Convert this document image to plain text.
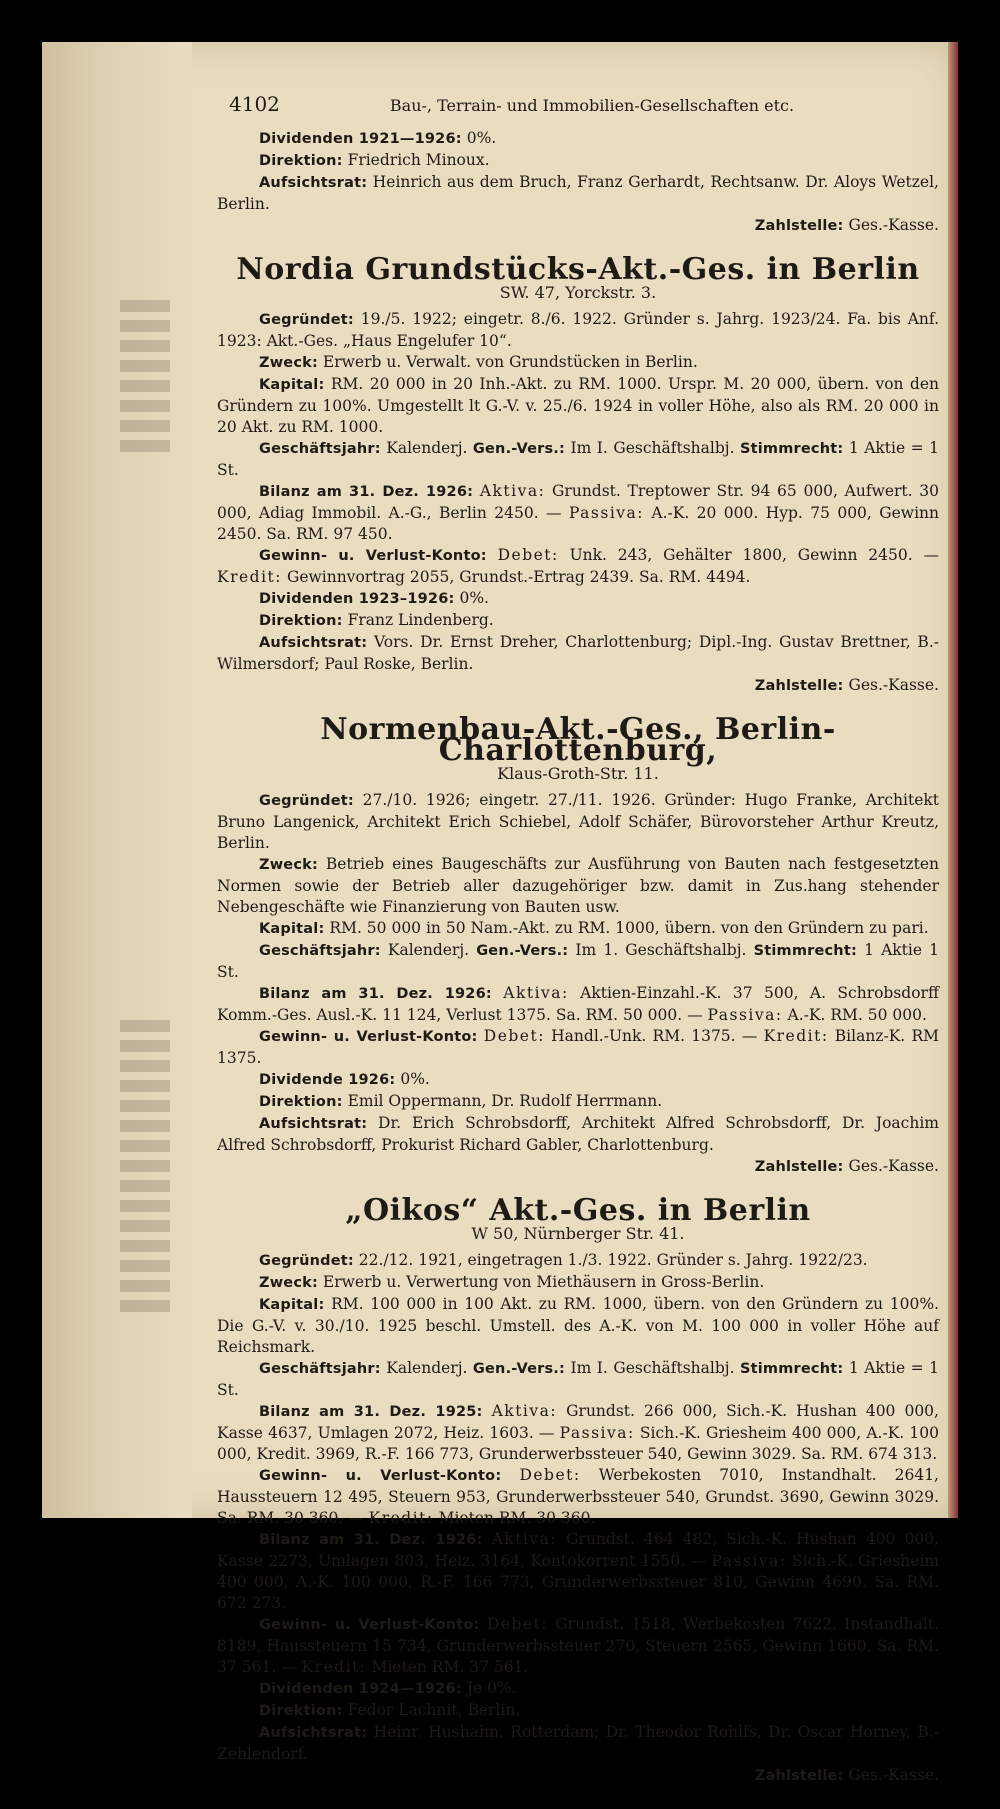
4102	Bau-, Terrain- und Immobilien-Gesellschaften etc.

Dividenden 1921—1926: 0%.

Direktion: Friedrich Minoux.

Aufsichtsrat: Heinrich aus dem Bruch, Franz Gerhardt, Rechtsanw. Dr. Aloys Wetzel, Berlin.
Zahlstelle: Ges.-Kasse.

Nordia Grundstücks-Akt.-Ges. in Berlin
SW. 47, Yorckstr. 3.

Gegründet: 19./5. 1922; eingetr. 8./6. 1922. Gründer s. Jahrg. 1923/24. Fa. bis Anf. 1923: Akt.-Ges. „Haus Engelufer 10“.

Zweck: Erwerb u. Verwalt. von Grundstücken in Berlin.

Kapital: RM. 20 000 in 20 Inh.-Akt. zu RM. 1000. Urspr. M. 20 000, übern. von den Gründern zu 100%. Umgestellt lt G.-V. v. 25./6. 1924 in voller Höhe, also als RM. 20 000 in 20 Akt. zu RM. 1000.

Geschäftsjahr: Kalenderj. Gen.-Vers.: Im I. Geschäftshalbj. Stimmrecht: 1 Aktie = 1 St.

Bilanz am 31. Dez. 1926: Aktiva: Grundst. Treptower Str. 94 65 000, Aufwert. 30 000, Adiag Immobil. A.-G., Berlin 2450. — Passiva: A.-K. 20 000. Hyp. 75 000, Gewinn 2450. Sa. RM. 97 450.

Gewinn- u. Verlust-Konto: Debet: Unk. 243, Gehälter 1800, Gewinn 2450. — Kredit: Gewinnvortrag 2055, Grundst.-Ertrag 2439. Sa. RM. 4494.

Dividenden 1923–1926: 0%.

Direktion: Franz Lindenberg.

Aufsichtsrat: Vors. Dr. Ernst Dreher, Charlottenburg; Dipl.-Ing. Gustav Brettner, B.-Wilmersdorf; Paul Roske, Berlin.
Zahlstelle: Ges.-Kasse.

Normenbau-Akt.-Ges., Berlin-Charlottenburg,
Klaus-Groth-Str. 11.

Gegründet: 27./10. 1926; eingetr. 27./11. 1926. Gründer: Hugo Franke, Architekt Bruno Langenick, Architekt Erich Schiebel, Adolf Schäfer, Bürovorsteher Arthur Kreutz, Berlin.

Zweck: Betrieb eines Baugeschäfts zur Ausführung von Bauten nach festgesetzten Normen sowie der Betrieb aller dazugehöriger bzw. damit in Zus.hang stehender Nebengeschäfte wie Finanzierung von Bauten usw.

Kapital: RM. 50 000 in 50 Nam.-Akt. zu RM. 1000, übern. von den Gründern zu pari.

Geschäftsjahr: Kalenderj. Gen.-Vers.: Im 1. Geschäftshalbj. Stimmrecht: 1 Aktie 1 St.

Bilanz am 31. Dez. 1926: Aktiva: Aktien-Einzahl.-K. 37 500, A. Schrobsdorff Komm.-Ges. Ausl.-K. 11 124, Verlust 1375. Sa. RM. 50 000. — Passiva: A.-K. RM. 50 000.

Gewinn- u. Verlust-Konto: Debet: Handl.-Unk. RM. 1375. — Kredit: Bilanz-K. RM 1375.

Dividende 1926: 0%.

Direktion: Emil Oppermann, Dr. Rudolf Herrmann.

Aufsichtsrat: Dr. Erich Schrobsdorff, Architekt Alfred Schrobsdorff, Dr. Joachim Alfred Schrobsdorff, Prokurist Richard Gabler, Charlottenburg.
Zahlstelle: Ges.-Kasse.

„Oikos“ Akt.-Ges. in Berlin
W 50, Nürnberger Str. 41.

Gegründet: 22./12. 1921, eingetragen 1./3. 1922. Gründer s. Jahrg. 1922/23.

Zweck: Erwerb u. Verwertung von Miethäusern in Gross-Berlin.

Kapital: RM. 100 000 in 100 Akt. zu RM. 1000, übern. von den Gründern zu 100%. Die G.-V. v. 30./10. 1925 beschl. Umstell. des A.-K. von M. 100 000 in voller Höhe auf Reichsmark.

Geschäftsjahr: Kalenderj. Gen.-Vers.: Im I. Geschäftshalbj. Stimmrecht: 1 Aktie = 1 St.

Bilanz am 31. Dez. 1925: Aktiva: Grundst. 266 000, Sich.-K. Hushan 400 000, Kasse 4637, Umlagen 2072, Heiz. 1603. — Passiva: Sich.-K. Griesheim 400 000, A.-K. 100 000, Kredit. 3969, R.-F. 166 773, Grunderwerbssteuer 540, Gewinn 3029. Sa. RM. 674 313.

Gewinn- u. Verlust-Konto: Debet: Werbekosten 7010, Instandhalt. 2641, Haussteuern 12 495, Steuern 953, Grunderwerbssteuer 540, Grundst. 3690, Gewinn 3029. Sa. RM. 30 360. — Kredit: Mieten RM. 30 360.

Bilanz am 31. Dez. 1926: Aktiva: Grundst. 464 482, Sich.-K. Hushan 400 000, Kasse 2273, Umlagen 803, Heiz. 3164, Kontokorrent 1550. — Passiva: Sich.-K. Griesheim 400 000, A.-K. 100 000, R.-F. 166 773, Grunderwerbssteuer 810, Gewinn 4690. Sa. RM. 672 273.

Gewinn- u. Verlust-Konto: Debet: Grundst. 1518, Werbekosten 7622, Instandhalt. 8189, Haussteuern 15 734, Grunderwerbssteuer 270, Steuern 2565, Gewinn 1660. Sa. RM. 37 561. — Kredit: Mieten RM. 37 561.

Dividenden 1924—1926: Je 0%.

Direktion: Fedor Lachnit, Berlin.

Aufsichtsrat: Heinr. Hushahn, Rotterdam; Dr. Theodor Rohlfs, Dr. Oscar Horney, B.-Zehlendorf.
Zahlstelle: Ges.-Kasse.
